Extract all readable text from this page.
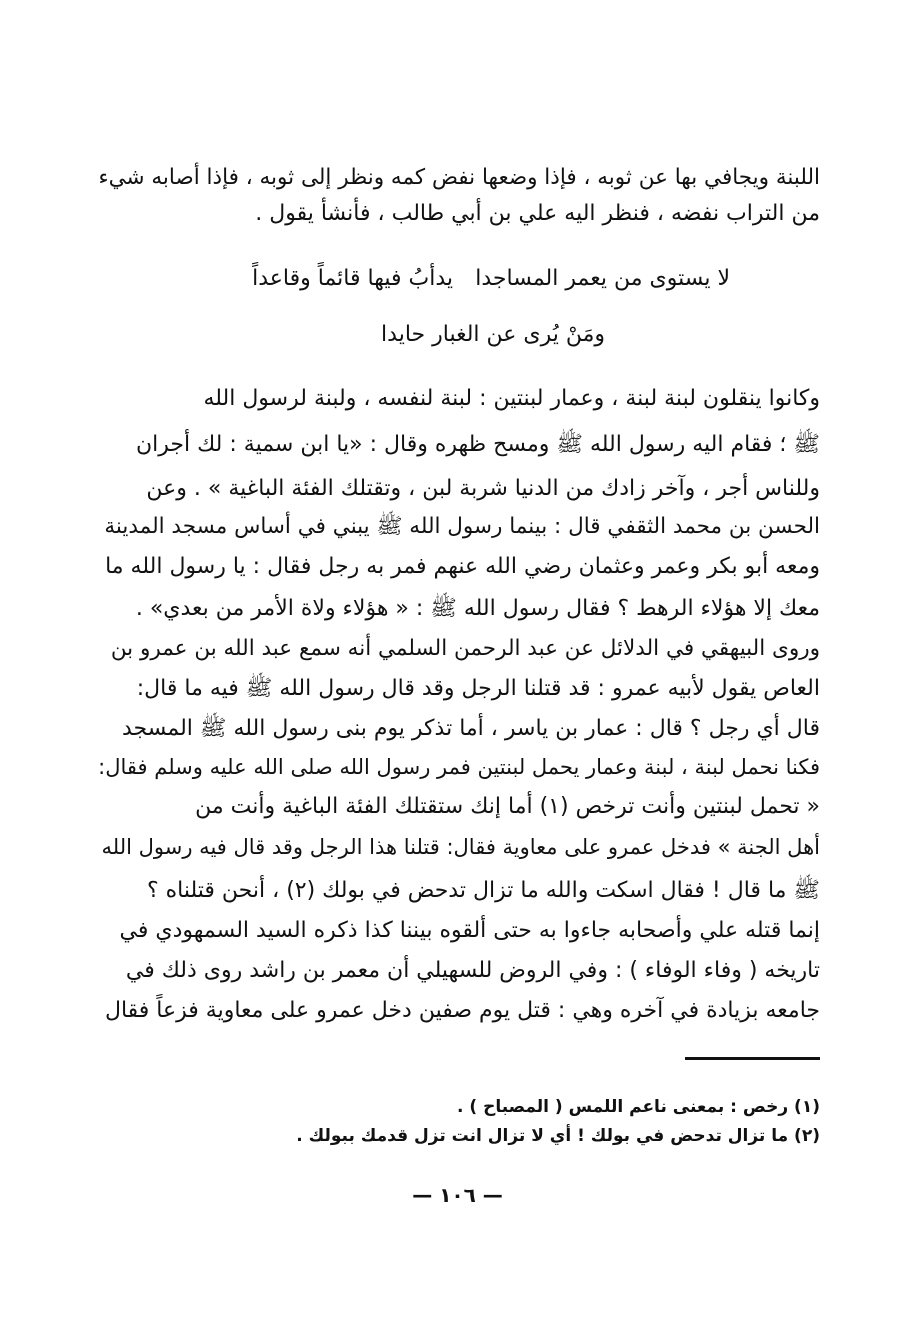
اللبنة ويجافي بها عن ثوبه ، فإذا وضعها نفض كمه ونظر إلى ثوبه ، فإذا أصابه شيء
من التراب نفضه ، فنظر اليه علي بن أبي طالب ، فأنشأ يقول .
لا يستوى من يعمر المساجدا
يدأبُ فيها قائماً وقاعداً
ومَنْ يُرى عن الغبار حايدا
وكانوا ينقلون لبنة لبنة ، وعمار لبنتين : لبنة لنفسه ، ولبنة لرسول الله
ﷺ ؛ فقام اليه رسول الله ﷺ ومسح ظهره وقال : «يا ابن سمية : لك أجران
وللناس أجر ، وآخر زادك من الدنيا شربة لبن ، وتقتلك الفئة الباغية » . وعن
الحسن بن محمد الثقفي قال : بينما رسول الله ﷺ يبني في أساس مسجد المدينة
ومعه أبو بكر وعمر وعثمان رضي الله عنهم فمر به رجل فقال : يا رسول الله ما
معك إلا هؤلاء الرهط ؟ فقال رسول الله ﷺ : « هؤلاء ولاة الأمر من بعدي» .
وروى البيهقي في الدلائل عن عبد الرحمن السلمي أنه سمع عبد الله بن عمرو بن
العاص يقول لأبيه عمرو : قد قتلنا الرجل وقد قال رسول الله ﷺ فيه ما قال:
قال أي رجل ؟ قال : عمار بن ياسر ، أما تذكر يوم بنى رسول الله ﷺ المسجد
فكنا نحمل لبنة ، لبنة وعمار يحمل لبنتين فمر رسول الله صلى الله عليه وسلم فقال:
« تحمل لبنتين وأنت ترخص (١) أما إنك ستقتلك الفئة الباغية وأنت من
أهل الجنة » فدخل عمرو على معاوية فقال: قتلنا هذا الرجل وقد قال فيه رسول الله
ﷺ ما قال ! فقال اسكت والله ما تزال تدحض في بولك (٢) ، أنحن قتلناه ؟
إنما قتله علي وأصحابه جاءوا به حتى ألقوه بيننا كذا ذكره السيد السمهودي في
تاريخه ( وفاء الوفاء ) : وفي الروض للسهيلي أن معمر بن راشد روى ذلك في
جامعه بزيادة في آخره وهي : قتل يوم صفين دخل عمرو على معاوية فزعاً فقال
(١) رخص : بمعنى ناعم اللمس ( المصباح ) .
(٢) ما تزال تدحض في بولك ! أي لا تزال انت تزل قدمك ببولك .
— ١٠٦ —
